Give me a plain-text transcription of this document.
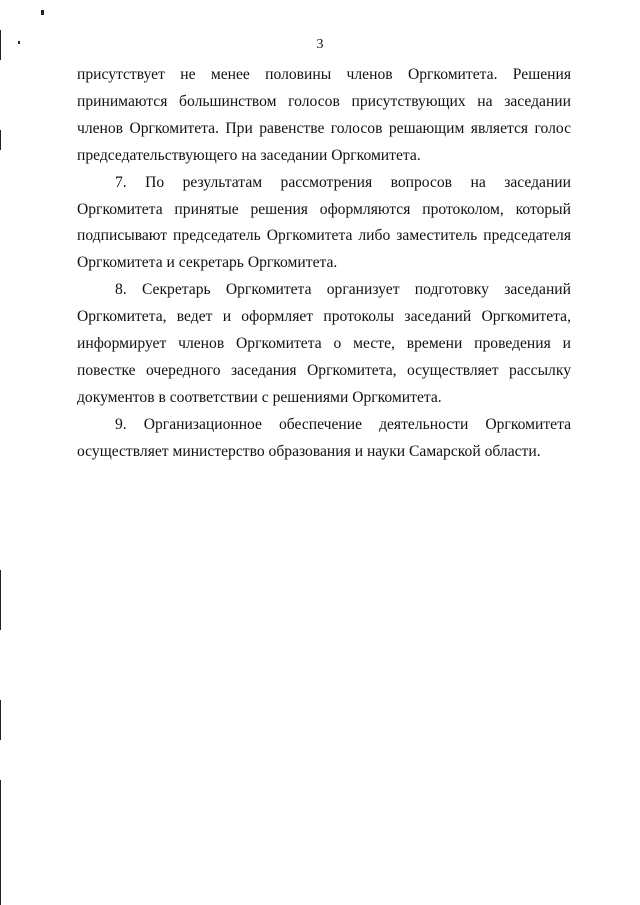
3

присутствует не менее половины членов Оргкомитета. Решения принимаются большинством голосов присутствующих на заседании членов Оргкомитета. При равенстве голосов решающим является голос председательствующего на заседании Оргкомитета.

7. По результатам рассмотрения вопросов на заседании Оргкомитета принятые решения оформляются протоколом, который подписывают председатель Оргкомитета либо заместитель председателя Оргкомитета и секретарь Оргкомитета.

8. Секретарь Оргкомитета организует подготовку заседаний Оргкомитета, ведет и оформляет протоколы заседаний Оргкомитета, информирует членов Оргкомитета о месте, времени проведения и повестке очередного заседания Оргкомитета, осуществляет рассылку документов в соответствии с решениями Оргкомитета.

9. Организационное обеспечение деятельности Оргкомитета осуществляет министерство образования и науки Самарской области.
